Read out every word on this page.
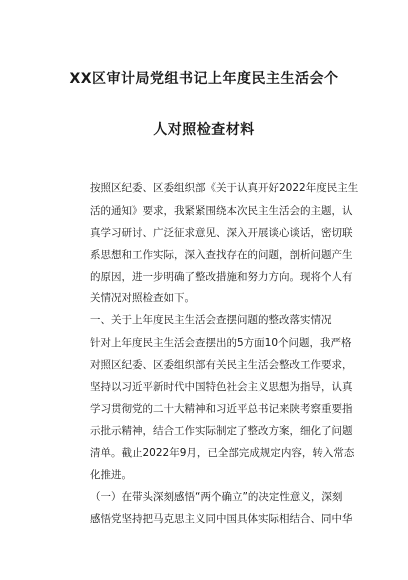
XX区审计局党组书记上年度民主生活会个
人对照检查材料
按照区纪委、区委组织部《关于认真开好2022年度民主生
活的通知》要求，我紧紧围绕本次民主生活会的主题，认
真学习研讨、广泛征求意见、深入开展谈心谈话，密切联
系思想和工作实际，深入查找存在的问题，剖析问题产生
的原因，进一步明确了整改措施和努力方向。现将个人有
关情况对照检查如下。
一、关于上年度民主生活会查摆问题的整改落实情况
针对上年度民主生活会查摆出的5方面10个问题，我严格
对照区纪委、区委组织部有关民主生活会整改工作要求，
坚持以习近平新时代中国特色社会主义思想为指导，认真
学习贯彻党的二十大精神和习近平总书记来陕考察重要指
示批示精神，结合工作实际制定了整改方案，细化了问题
清单。截止2022年9月，已全部完成规定内容，转入常态
化推进。
（一）在带头深刻感悟“两个确立”的决定性意义，深刻
感悟党坚持把马克思主义同中国具体实际相结合、同中华
